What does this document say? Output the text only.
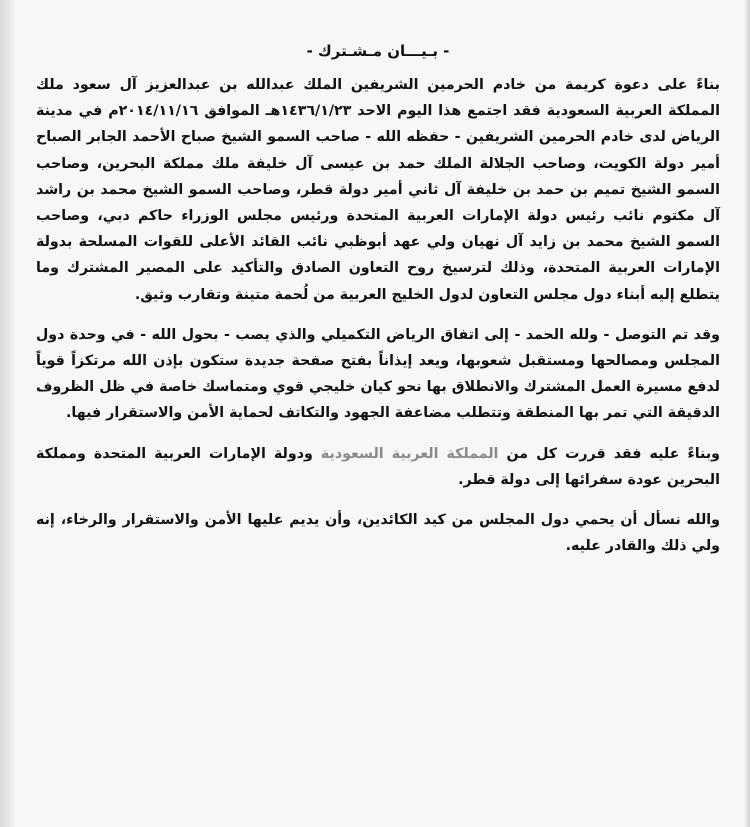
- بـيـــان مـشـترك -

بناءً على دعوة كريمة من خادم الحرمين الشريفين الملك عبدالله بن عبدالعزيز آل سعود ملك المملكة العربية السعودية فقد اجتمع هذا اليوم الاحد ١٤٣٦/١/٢٣هـ الموافق ٢٠١٤/١١/١٦م في مدينة الرياض لدى خادم الحرمين الشريفين - حفظه الله - صاحب السمو الشيخ صباح الأحمد الجابر الصباح أمير دولة الكويت، وصاحب الجلالة الملك حمد بن عيسى آل خليفة ملك مملكة البحرين، وصاحب السمو الشيخ تميم بن حمد بن خليفة آل ثاني أمير دولة قطر، وصاحب السمو الشيخ محمد بن راشد آل مكتوم نائب رئيس دولة الإمارات العربية المتحدة ورئيس مجلس الوزراء حاكم دبي، وصاحب السمو الشيخ محمد بن زايد آل نهيان ولي عهد أبوظبي نائب القائد الأعلى للقوات المسلحة بدولة الإمارات العربية المتحدة، وذلك لترسيخ روح التعاون الصادق والتأكيد على المصير المشترك وما يتطلع إليه أبناء دول مجلس التعاون لدول الخليج العربية من لُحمة متينة وتقارب وثيق.

وقد تم التوصل - ولله الحمد - إلى اتفاق الرياض التكميلي والذي يصب - بحول الله - في وحدة دول المجلس ومصالحها ومستقبل شعوبها، ويعد إيذاناً بفتح صفحة جديدة ستكون بإذن الله مرتكزاً قوياً لدفع مسيرة العمل المشترك والانطلاق بها نحو كيان خليجي قوي ومتماسك خاصة في ظل الظروف الدقيقة التي تمر بها المنطقة وتتطلب مضاعفة الجهود والتكاتف لحماية الأمن والاستقرار فيها.

وبناءً عليه فقد قررت كل من المملكة العربية السعودية ودولة الإمارات العربية المتحدة ومملكة البحرين عودة سفرائها إلى دولة قطر.

والله نسأل أن يحمي دول المجلس من كيد الكائدين، وأن يديم عليها الأمن والاستقرار والرخاء، إنه ولي ذلك والقادر عليه.
